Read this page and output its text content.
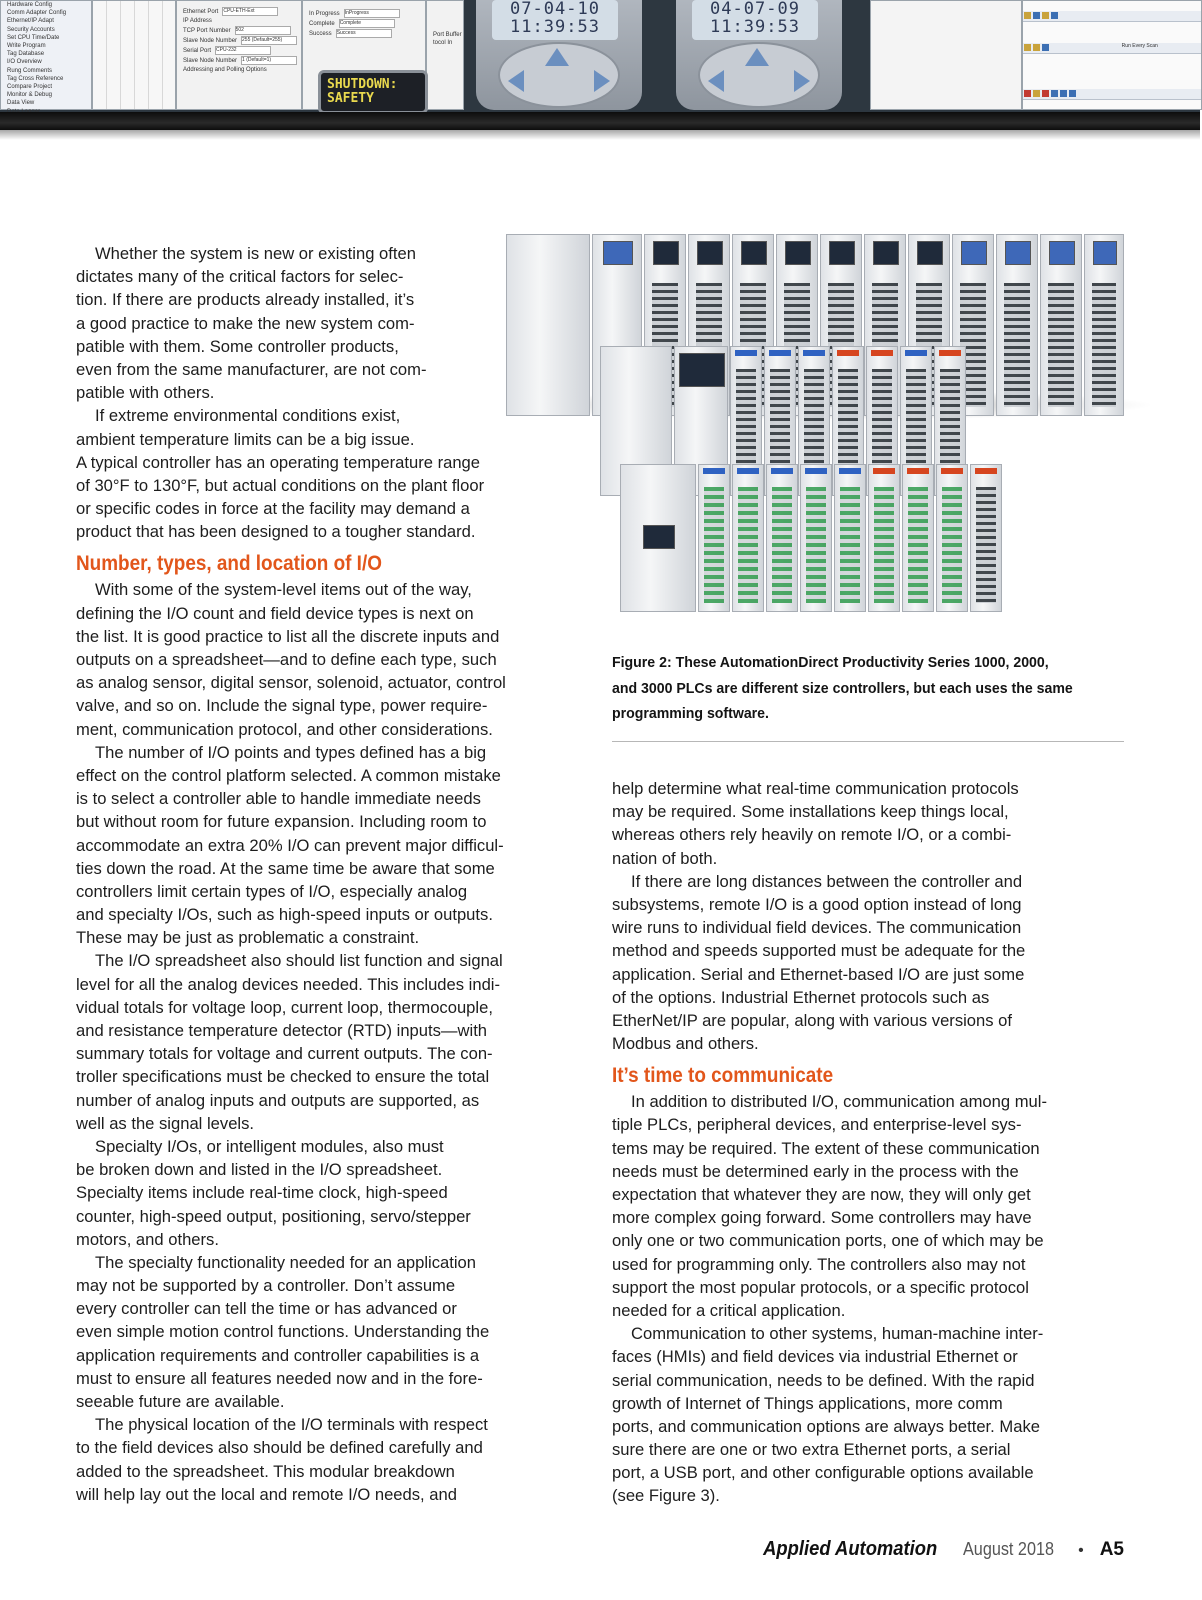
Hardware Config
Comm Adapter Config
Ethernet/IP Adapt
Security Accounts
Set CPU Time/Date
Write Program
Tag Database
I/O Overview
Rung Comments
Tag Cross Reference
Compare Project
Monitor & Debug
Data View
Ethernet Port CPU-ETH-Ext
IP Address
TCP Port Number 502
Slave Node Number 255 (Default=255)
Serial Port CPU-232
Slave Node Number 1 (Default=1)
Addressing and Polling Options
In Progress InProgress
Complete Complete
Success Success	Port Buffer
tocol In
SHUTDOWN:
SAFETY
07-04-10
11:39:53
04-07-09
11:39:53
Run Every Scan

Figure 2: These AutomationDirect Productivity Series 1000, 2000, and 3000 PLCs are different size controllers, but each uses the same programming software.

Whether the system is new or existing often
dictates many of the critical factors for selec-
tion. If there are products already installed, it’s
a good practice to make the new system com-
patible with them. Some controller products,
even from the same manufacturer, are not com-
patible with others.
If extreme environmental conditions exist,
ambient temperature limits can be a big issue.
A typical controller has an operating temperature range
of 30°F to 130°F, but actual conditions on the plant floor
or specific codes in force at the facility may demand a
product that has been designed to a tougher standard.
Number, types, and location of I/O
With some of the system-level items out of the way,
defining the I/O count and field device types is next on
the list. It is good practice to list all the discrete inputs and
outputs on a spreadsheet—and to define each type, such
as analog sensor, digital sensor, solenoid, actuator, control
valve, and so on. Include the signal type, power require-
ment, communication protocol, and other considerations.
The number of I/O points and types defined has a big
effect on the control platform selected. A common mistake
is to select a controller able to handle immediate needs
but without room for future expansion. Including room to
accommodate an extra 20% I/O can prevent major difficul-
ties down the road. At the same time be aware that some
controllers limit certain types of I/O, especially analog
and specialty I/Os, such as high-speed inputs or outputs.
These may be just as problematic a constraint.
The I/O spreadsheet also should list function and signal
level for all the analog devices needed. This includes indi-
vidual totals for voltage loop, current loop, thermocouple,
and resistance temperature detector (RTD) inputs—with
summary totals for voltage and current outputs. The con-
troller specifications must be checked to ensure the total
number of analog inputs and outputs are supported, as
well as the signal levels.
Specialty I/Os, or intelligent modules, also must
be broken down and listed in the I/O spreadsheet.
Specialty items include real-time clock, high-speed
counter, high-speed output, positioning, servo/stepper
motors, and others.
The specialty functionality needed for an application
may not be supported by a controller. Don’t assume
every controller can tell the time or has advanced or
even simple motion control functions. Understanding the
application requirements and controller capabilities is a
must to ensure all features needed now and in the fore-
seeable future are available.
The physical location of the I/O terminals with respect
to the field devices also should be defined carefully and
added to the spreadsheet. This modular breakdown
will help lay out the local and remote I/O needs, and
help determine what real-time communication protocols
may be required. Some installations keep things local,
whereas others rely heavily on remote I/O, or a combi-
nation of both.
If there are long distances between the controller and
subsystems, remote I/O is a good option instead of long
wire runs to individual field devices. The communication
method and speeds supported must be adequate for the
application. Serial and Ethernet-based I/O are just some
of the options. Industrial Ethernet protocols such as
EtherNet/IP are popular, along with various versions of
Modbus and others.
It’s time to communicate
In addition to distributed I/O, communication among mul-
tiple PLCs, peripheral devices, and enterprise-level sys-
tems may be required. The extent of these communication
needs must be determined early in the process with the
expectation that whatever they are now, they will only get
more complex going forward. Some controllers may have
only one or two communication ports, one of which may be
used for programming only. The controllers also may not
support the most popular protocols, or a specific protocol
needed for a critical application.
Communication to other systems, human-machine inter-
faces (HMIs) and field devices via industrial Ethernet or
serial communication, needs to be defined. With the rapid
growth of Internet of Things applications, more comm
ports, and communication options are always better. Make
sure there are one or two extra Ethernet ports, a serial
port, a USB port, and other configurable options available
(see Figure 3).
Applied Automation August 2018 • A5
